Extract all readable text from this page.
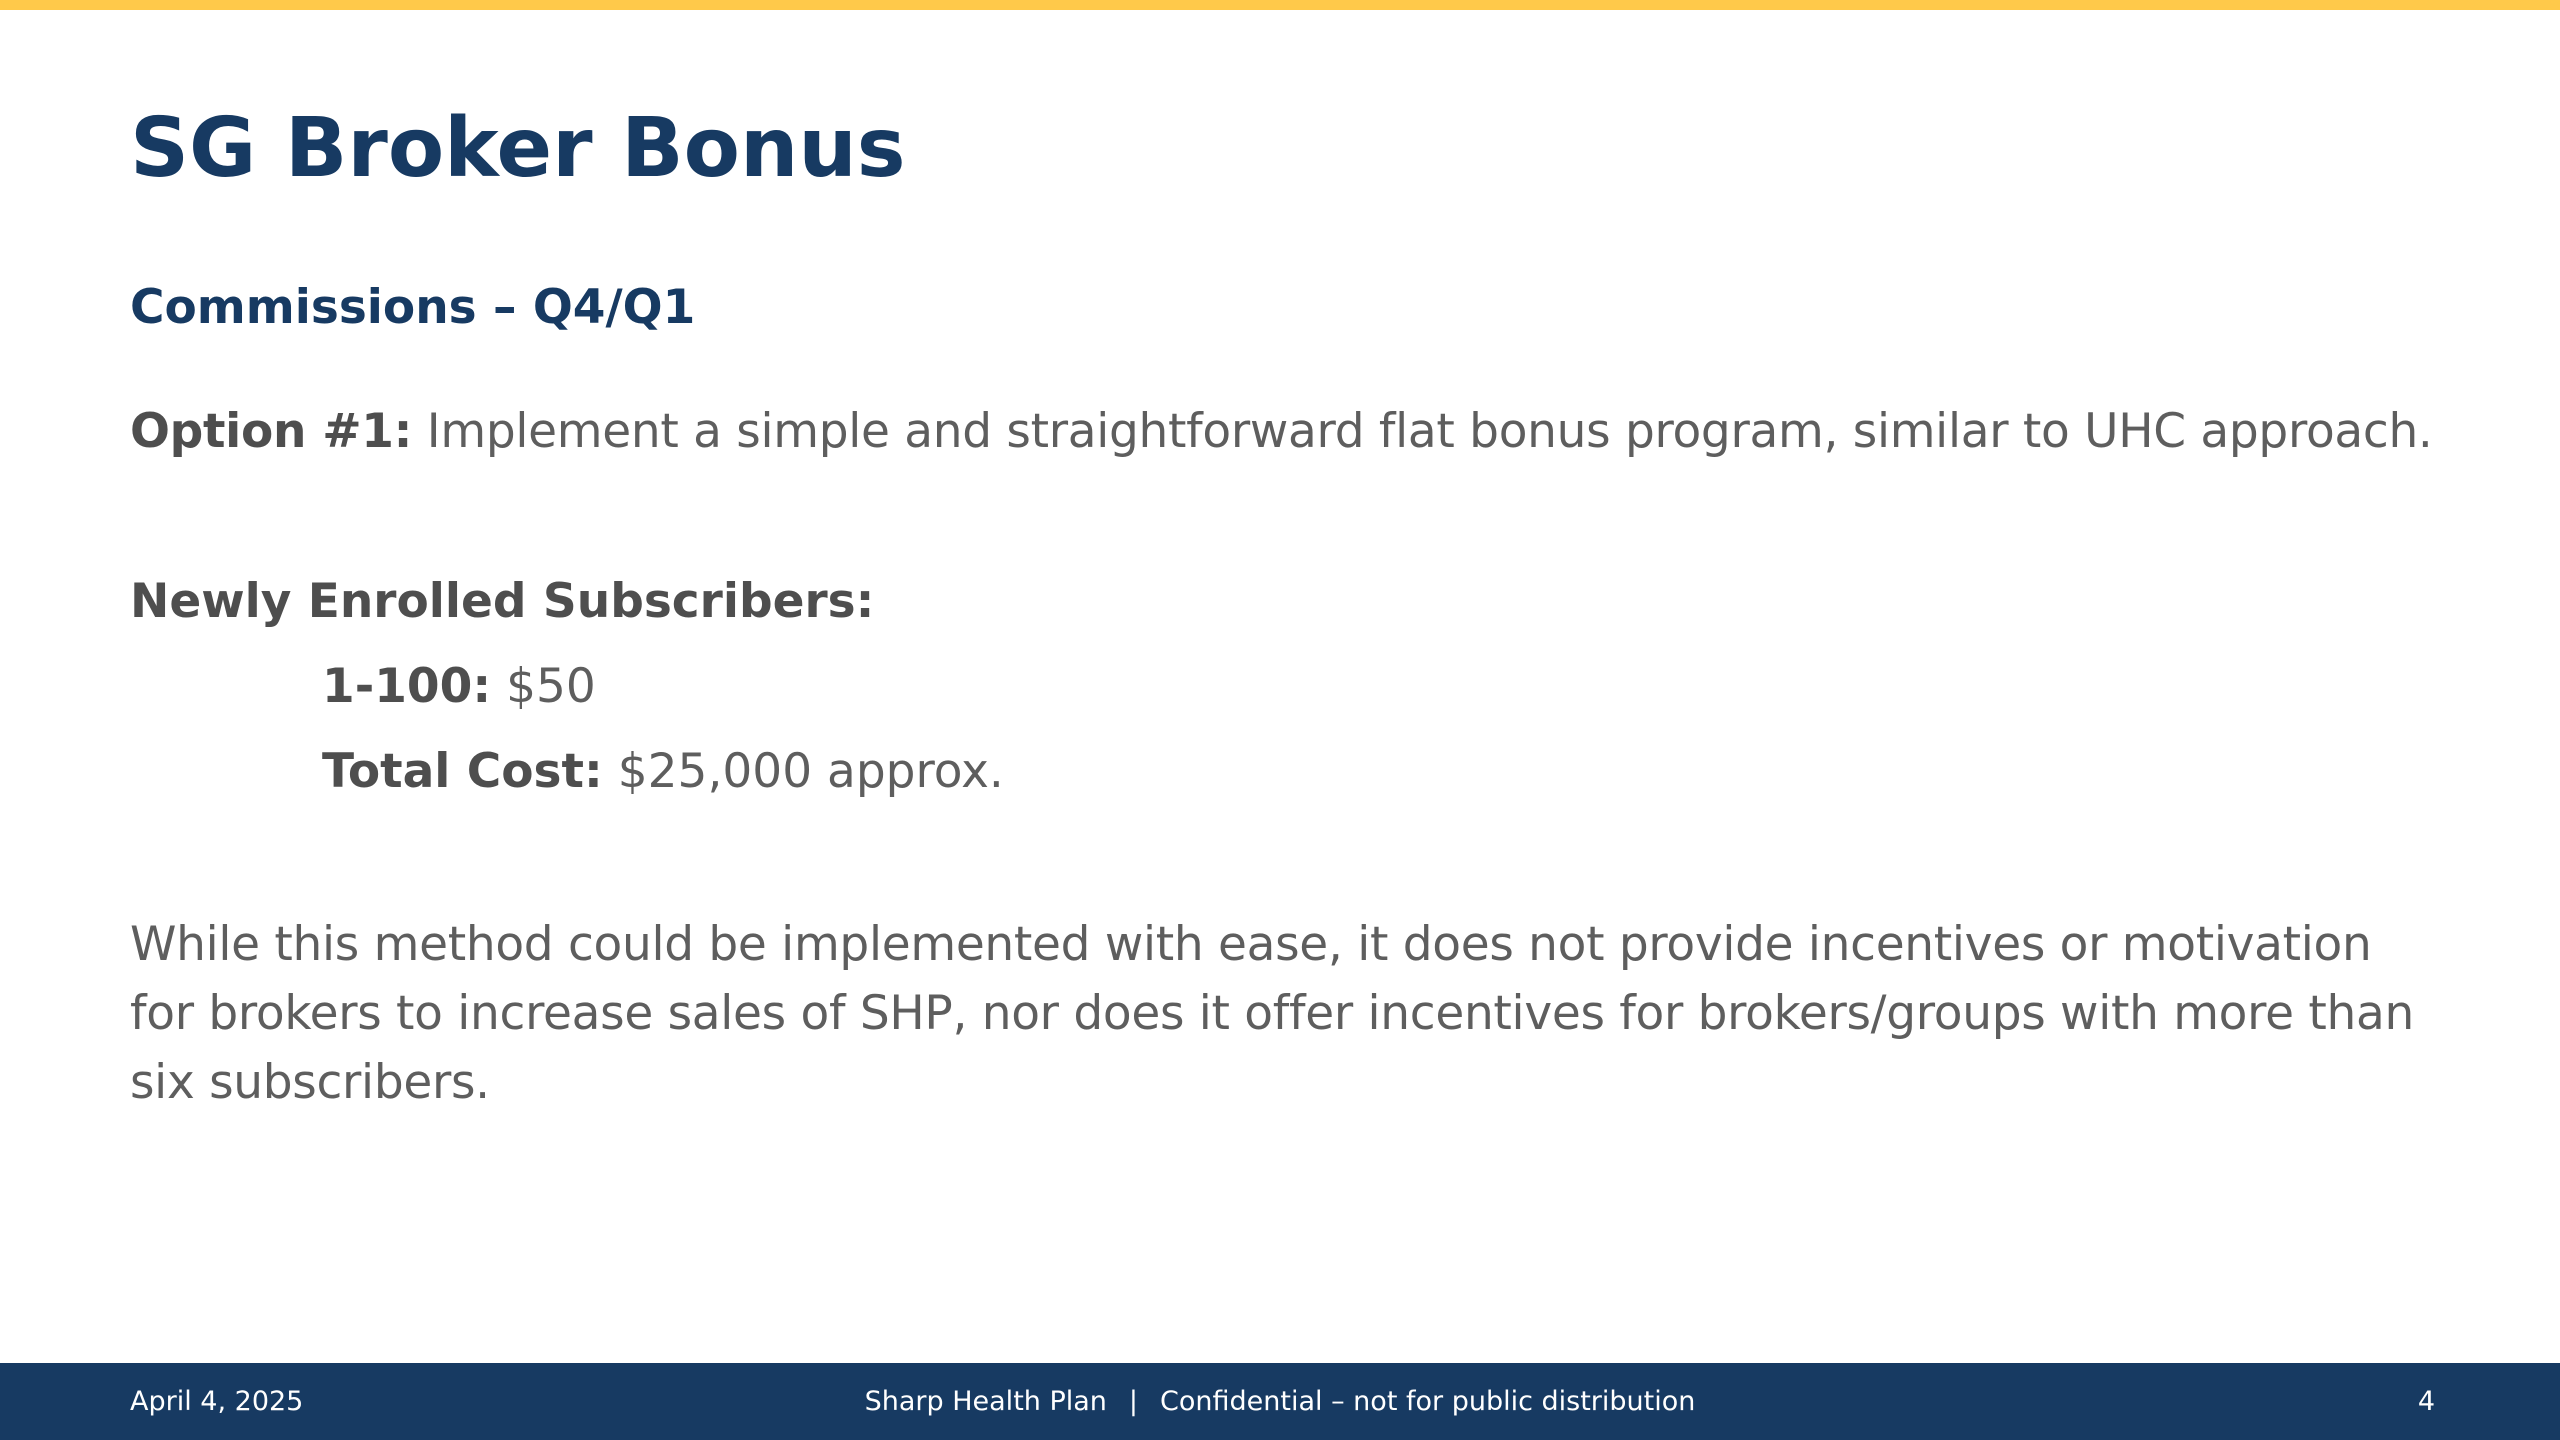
SG Broker Bonus
Commissions – Q4/Q1

Option #1: Implement a simple and straightforward flat bonus program, similar to UHC approach.

Newly Enrolled Subscribers:

1-100: $50

Total Cost: $25,000 approx.

While this method could be implemented with ease, it does not provide incentives or motivation for brokers to increase sales of SHP, nor does it offer incentives for brokers/groups with more than six subscribers.

April 4, 2025	Sharp Health Plan | Confidential – not for public distribution	4
